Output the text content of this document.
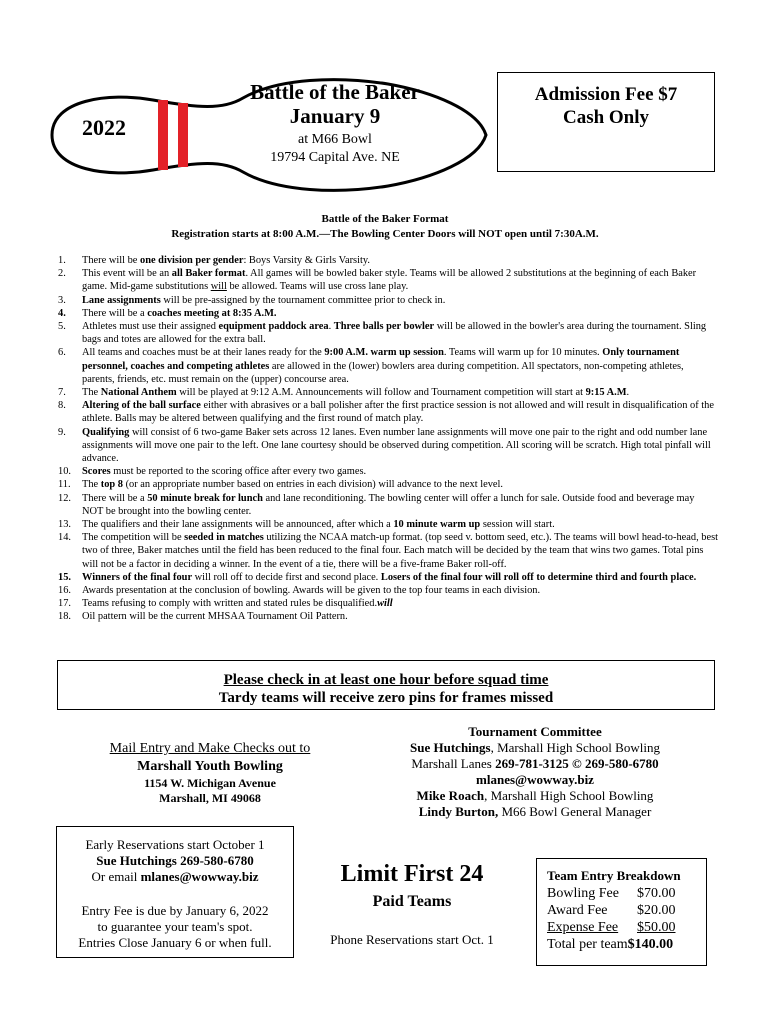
2022
Battle of the Baker
January 9
at M66 Bowl
19794 Capital Ave. NE
Admission Fee $7
Cash Only
Battle of the Baker Format
Registration starts at 8:00 A.M.—The Bowling Center Doors will NOT open until 7:30A.M.
1. There will be one division per gender: Boys Varsity & Girls Varsity.
2. This event will be an all Baker format. All games will be bowled baker style. Teams will be allowed 2 substitutions at the beginning of each Baker game. Mid-game substitutions will be allowed. Teams will use cross lane play.
3. Lane assignments will be pre-assigned by the tournament committee prior to check in.
4. There will be a coaches meeting at 8:35 A.M.
5. Athletes must use their assigned equipment paddock area. Three balls per bowler will be allowed in the bowler's area during the tournament. Sling bags and totes are allowed for the extra ball.
6. All teams and coaches must be at their lanes ready for the 9:00 A.M. warm up session. Teams will warm up for 10 minutes. Only tournament personnel, coaches and competing athletes are allowed in the (lower) bowlers area during competition. All spectators, non-competing athletes, parents, friends, etc. must remain on the (upper) concourse area.
7. The National Anthem will be played at 9:12 A.M. Announcements will follow and Tournament competition will start at 9:15 A.M.
8. Altering of the ball surface either with abrasives or a ball polisher after the first practice session is not allowed and will result in disqualification of the athlete. Balls may be altered between qualifying and the first round of match play.
9. Qualifying will consist of 6 two-game Baker sets across 12 lanes. Even number lane assignments will move one pair to the right and odd number lane assignments will move one pair to the left. One lane courtesy should be observed during competition. All scoring will be scratch. High total pinfall will advance.
10. Scores must be reported to the scoring office after every two games.
11. The top 8 (or an appropriate number based on entries in each division) will advance to the next level.
12. There will be a 50 minute break for lunch and lane reconditioning. The bowling center will offer a lunch for sale. Outside food and beverage may NOT be brought into the bowling center.
13. The qualifiers and their lane assignments will be announced, after which a 10 minute warm up session will start.
14. The competition will be seeded in matches utilizing the NCAA match-up format. (top seed v. bottom seed, etc.). The teams will bowl head-to-head, best two of three, Baker matches until the field has been reduced to the final four. Each match will be decided by the team that wins two games. Total pins will not be a factor in deciding a winner. In the event of a tie, there will be a five-frame Baker roll-off.
15. Winners of the final four will roll off to decide first and second place. Losers of the final four will roll off to determine third and fourth place.
16. Awards presentation at the conclusion of bowling. Awards will be given to the top four teams in each division.
17. Teams refusing to comply with written and stated rules be disqualified.will
18. Oil pattern will be the current MHSAA Tournament Oil Pattern.
Please check in at least one hour before squad time
Tardy teams will receive zero pins for frames missed
Mail Entry and Make Checks out to
Marshall Youth Bowling
1154 W. Michigan Avenue
Marshall, MI 49068
Tournament Committee
Sue Hutchings, Marshall High School Bowling
Marshall Lanes 269-781-3125 © 269-580-6780
mlanes@wowway.biz
Mike Roach, Marshall High School Bowling
Lindy Burton, M66 Bowl General Manager
Early Reservations start October 1
Sue Hutchings 269-580-6780
Or email mlanes@wowway.biz
Entry Fee is due by January 6, 2022
to guarantee your team's spot.
Entries Close January 6 or when full.
Limit First 24
Paid Teams
Phone Reservations start Oct. 1
Team Entry Breakdown
Bowling Fee	$70.00
Award Fee	$20.00
Expense Fee	$50.00
Total per team $140.00
